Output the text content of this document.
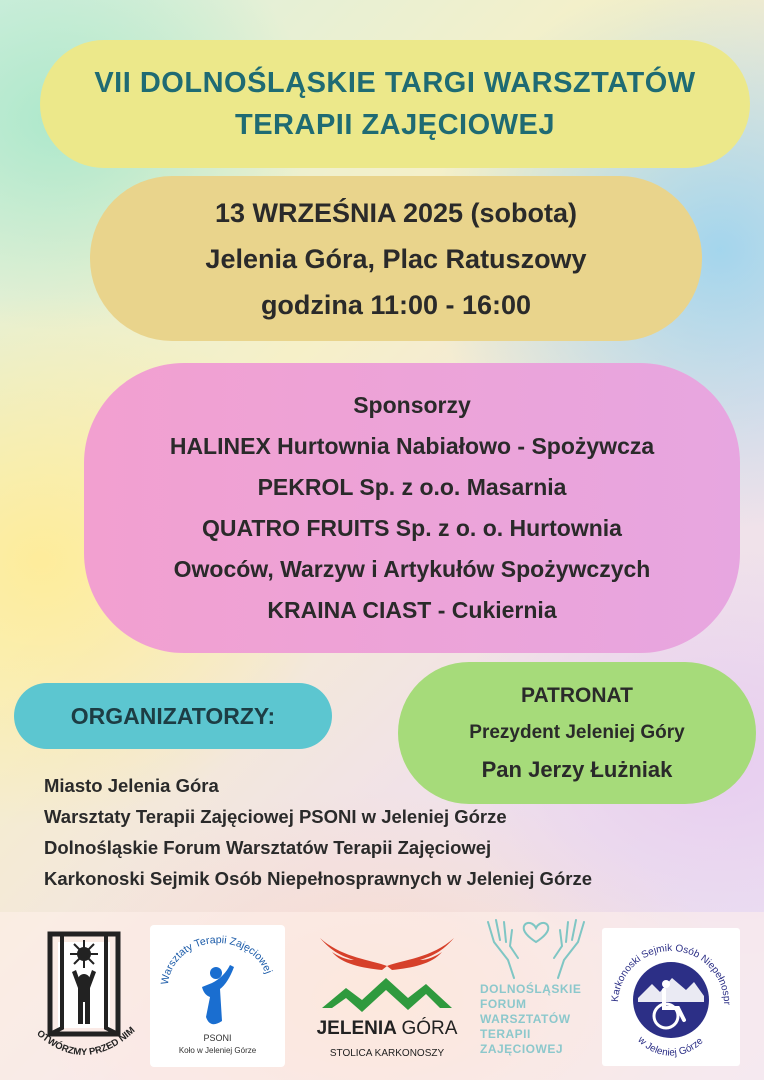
VII DOLNOŚLĄSKIE TARGI WARSZTATÓW
TERAPII ZAJĘCIOWEJ
13 WRZEŚNIA 2025 (sobota)
Jelenia Góra, Plac Ratuszowy
godzina 11:00 - 16:00
Sponsorzy
HALINEX Hurtownia Nabiałowo - Spożywcza
PEKROL Sp. z o.o. Masarnia
QUATRO FRUITS Sp. z o. o. Hurtownia
Owoców, Warzyw i Artykułów Spożywczych
KRAINA CIAST - Cukiernia
ORGANIZATORZY:
PATRONAT
Prezydent Jeleniej Góry
Pan Jerzy Łużniak
Miasto Jelenia Góra
Warsztaty Terapii Zajęciowej PSONI w Jeleniej Górze
Dolnośląskie Forum Warsztatów Terapii Zajęciowej
Karkonoski Sejmik Osób Niepełnosprawnych w Jeleniej Górze
OTWÓRZMY PRZED NIM
Warsztaty Terapii Zajęciowej
PSONI
Koło w Jeleniej Górze
JELENIA GÓRA
STOLICA KARKONOSZY
DOLNOŚLĄSKIE
FORUM
WARSZTATÓW
TERAPII
ZAJĘCIOWEJ
Karkonoski Sejmik Osób Niepełnospr
w Jeleniej Górze
